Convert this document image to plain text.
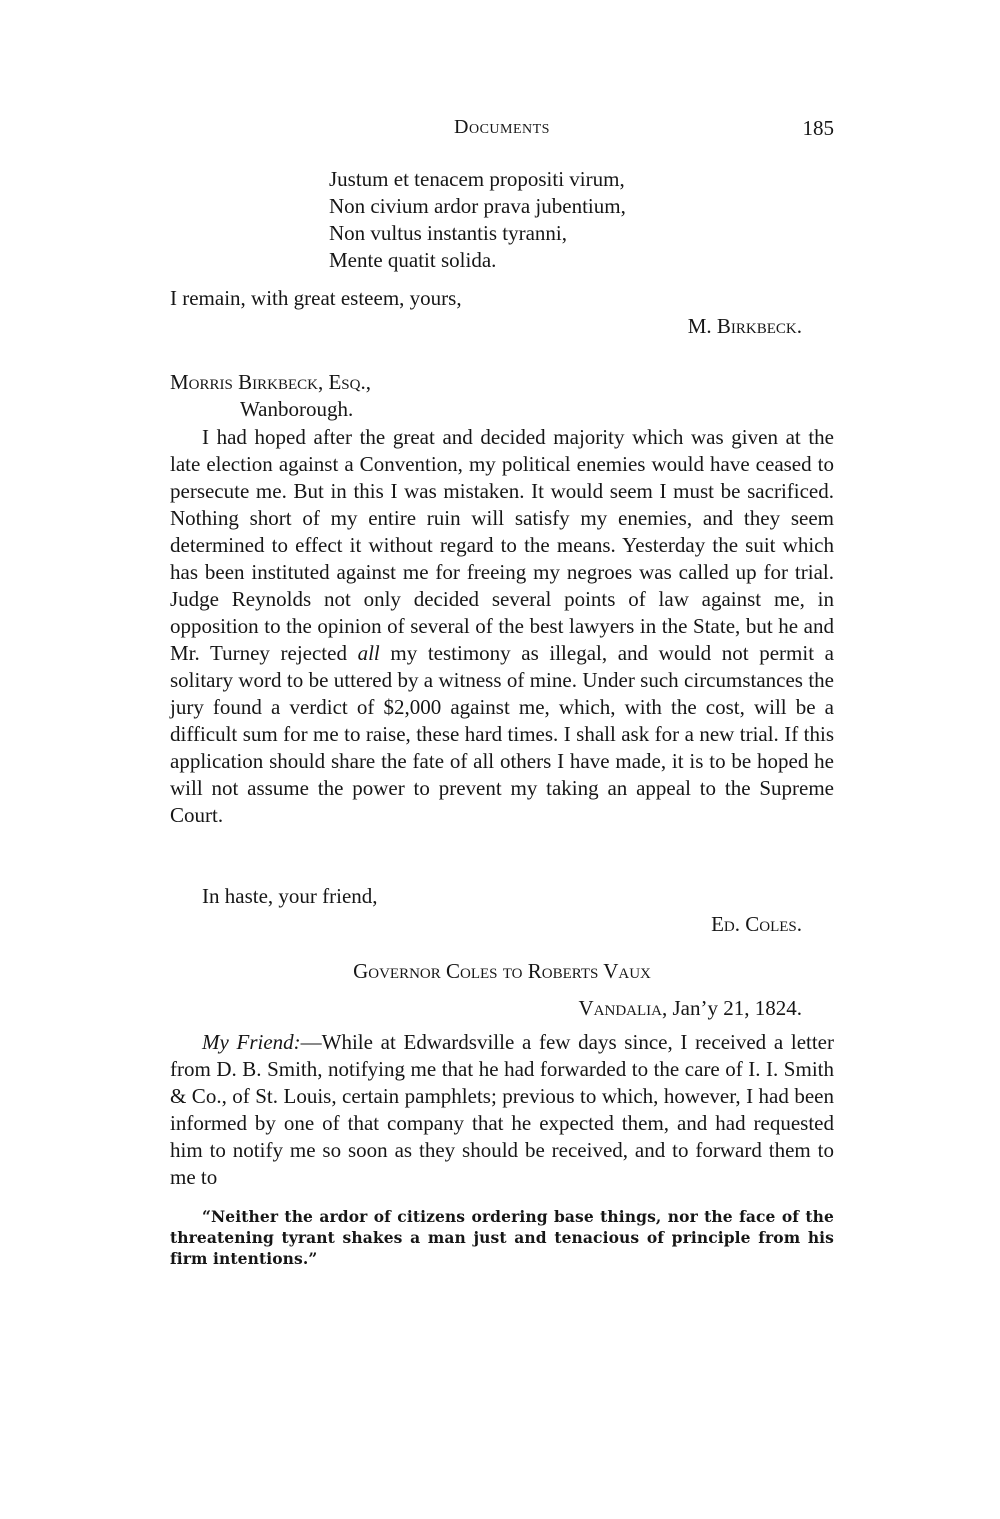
Documents	185
Justum et tenacem propositi virum,
Non civium ardor prava jubentium,
Non vultus instantis tyranni,
Mente quatit solida.
I remain, with great esteem, yours,
M. Birkbeck.
Morris Birkbeck, Esq.,
Wanborough.

I had hoped after the great and decided majority which was given at the late election against a Convention, my political enemies would have ceased to persecute me. But in this I was mistaken. It would seem I must be sacrificed. Nothing short of my entire ruin will satisfy my enemies, and they seem determined to effect it without regard to the means. Yesterday the suit which has been instituted against me for freeing my negroes was called up for trial. Judge Reynolds not only decided several points of law against me, in opposition to the opinion of several of the best lawyers in the State, but he and Mr. Turney rejected all my testimony as illegal, and would not permit a solitary word to be uttered by a witness of mine. Under such circumstances the jury found a verdict of $2,000 against me, which, with the cost, will be a difficult sum for me to raise, these hard times. I shall ask for a new trial. If this application should share the fate of all others I have made, it is to be hoped he will not assume the power to prevent my taking an appeal to the Supreme Court.

In haste, your friend,
Ed. Coles.
Governor Coles to Roberts Vaux
Vandalia, Jan’y 21, 1824.

My Friend:—While at Edwardsville a few days since, I received a letter from D. B. Smith, notifying me that he had forwarded to the care of I. I. Smith & Co., of St. Louis, certain pamphlets; previous to which, however, I had been informed by one of that company that he expected them, and had requested him to notify me so soon as they should be received, and to forward them to me to

“Neither the ardor of citizens ordering base things, nor the face of the threatening tyrant shakes a man just and tenacious of principle from his firm intentions.”
